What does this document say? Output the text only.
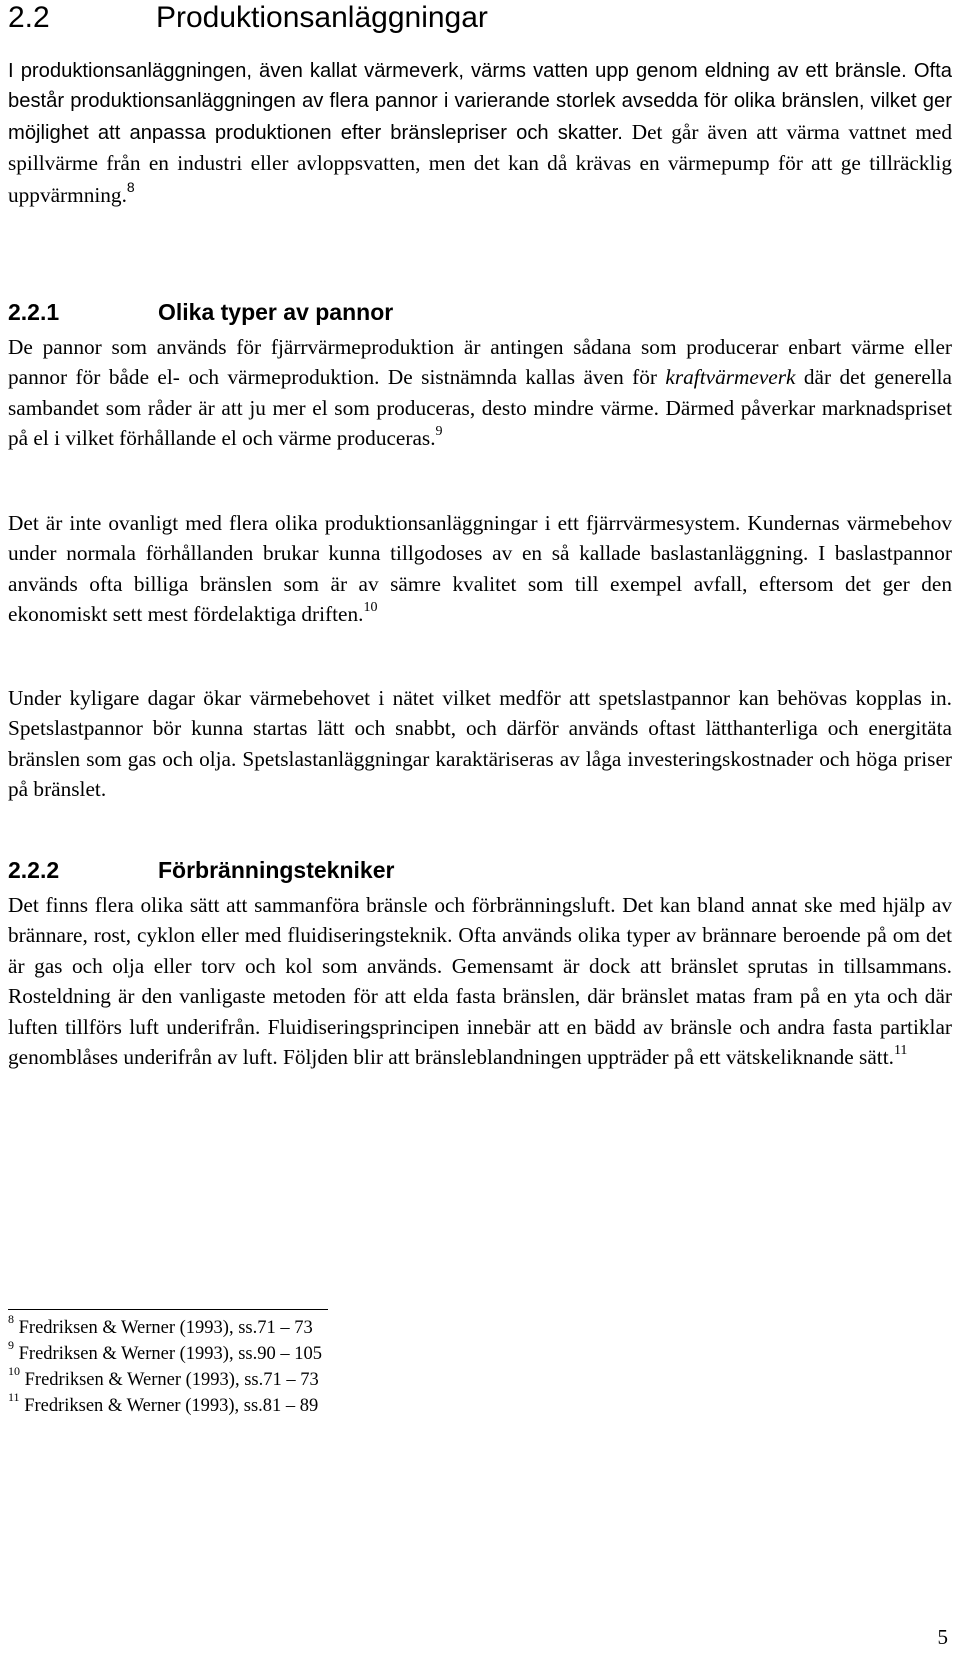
2.2	Produktionsanläggningar

I produktionsanläggningen, även kallat värmeverk, värms vatten upp genom eldning av ett bränsle. Ofta består produktionsanläggningen av flera pannor i varierande storlek avsedda för olika bränslen, vilket ger möjlighet att anpassa produktionen efter bränslepriser och skatter. Det går även att värma vattnet med spillvärme från en industri eller avloppsvatten, men det kan då krävas en värmepump för att ge tillräcklig uppvärmning.$^8$

2.2.1	Olika typer av pannor

De pannor som används för fjärrvärmeproduktion är antingen sådana som producerar enbart värme eller pannor för både el- och värmeproduktion. De sistnämnda kallas även för kraftvärmeverk där det generella sambandet som råder är att ju mer el som produceras, desto mindre värme. Därmed påverkar marknadspriset på el i vilket förhållande el och värme produceras.$^9$

Det är inte ovanligt med flera olika produktionsanläggningar i ett fjärrvärmesystem. Kundernas värmebehov under normala förhållanden brukar kunna tillgodoses av en så kallade baslastanläggning. I baslastpannor används ofta billiga bränslen som är av sämre kvalitet som till exempel avfall, eftersom det ger den ekonomiskt sett mest fördelaktiga driften.$^{10}$

Under kyligare dagar ökar värmebehovet i nätet vilket medför att spetslastpannor kan behövas kopplas in. Spetslastpannor bör kunna startas lätt och snabbt, och därför används oftast lätthanterliga och energitäta bränslen som gas och olja. Spetslastanläggningar karaktäriseras av låga investeringskostnader och höga priser på bränslet.

2.2.2	Förbränningstekniker

Det finns flera olika sätt att sammanföra bränsle och förbränningsluft. Det kan bland annat ske med hjälp av brännare, rost, cyklon eller med fluidiseringsteknik. Ofta används olika typer av brännare beroende på om det är gas och olja eller torv och kol som används. Gemensamt är dock att bränslet sprutas in tillsammans. Rosteldning är den vanligaste metoden för att elda fasta bränslen, där bränslet matas fram på en yta och där luften tillförs luft underifrån. Fluidiseringsprincipen innebär att en bädd av bränsle och andra fasta partiklar genomblåses underifrån av luft. Följden blir att bränsleblandningen uppträder på ett vätskeliknande sätt.$^{11}$

$^8$ Fredriksen & Werner (1993), ss.71 – 73

$^9$ Fredriksen & Werner (1993), ss.90 – 105

$^{10}$ Fredriksen & Werner (1993), ss.71 – 73

$^{11}$ Fredriksen & Werner (1993), ss.81 – 89

5
